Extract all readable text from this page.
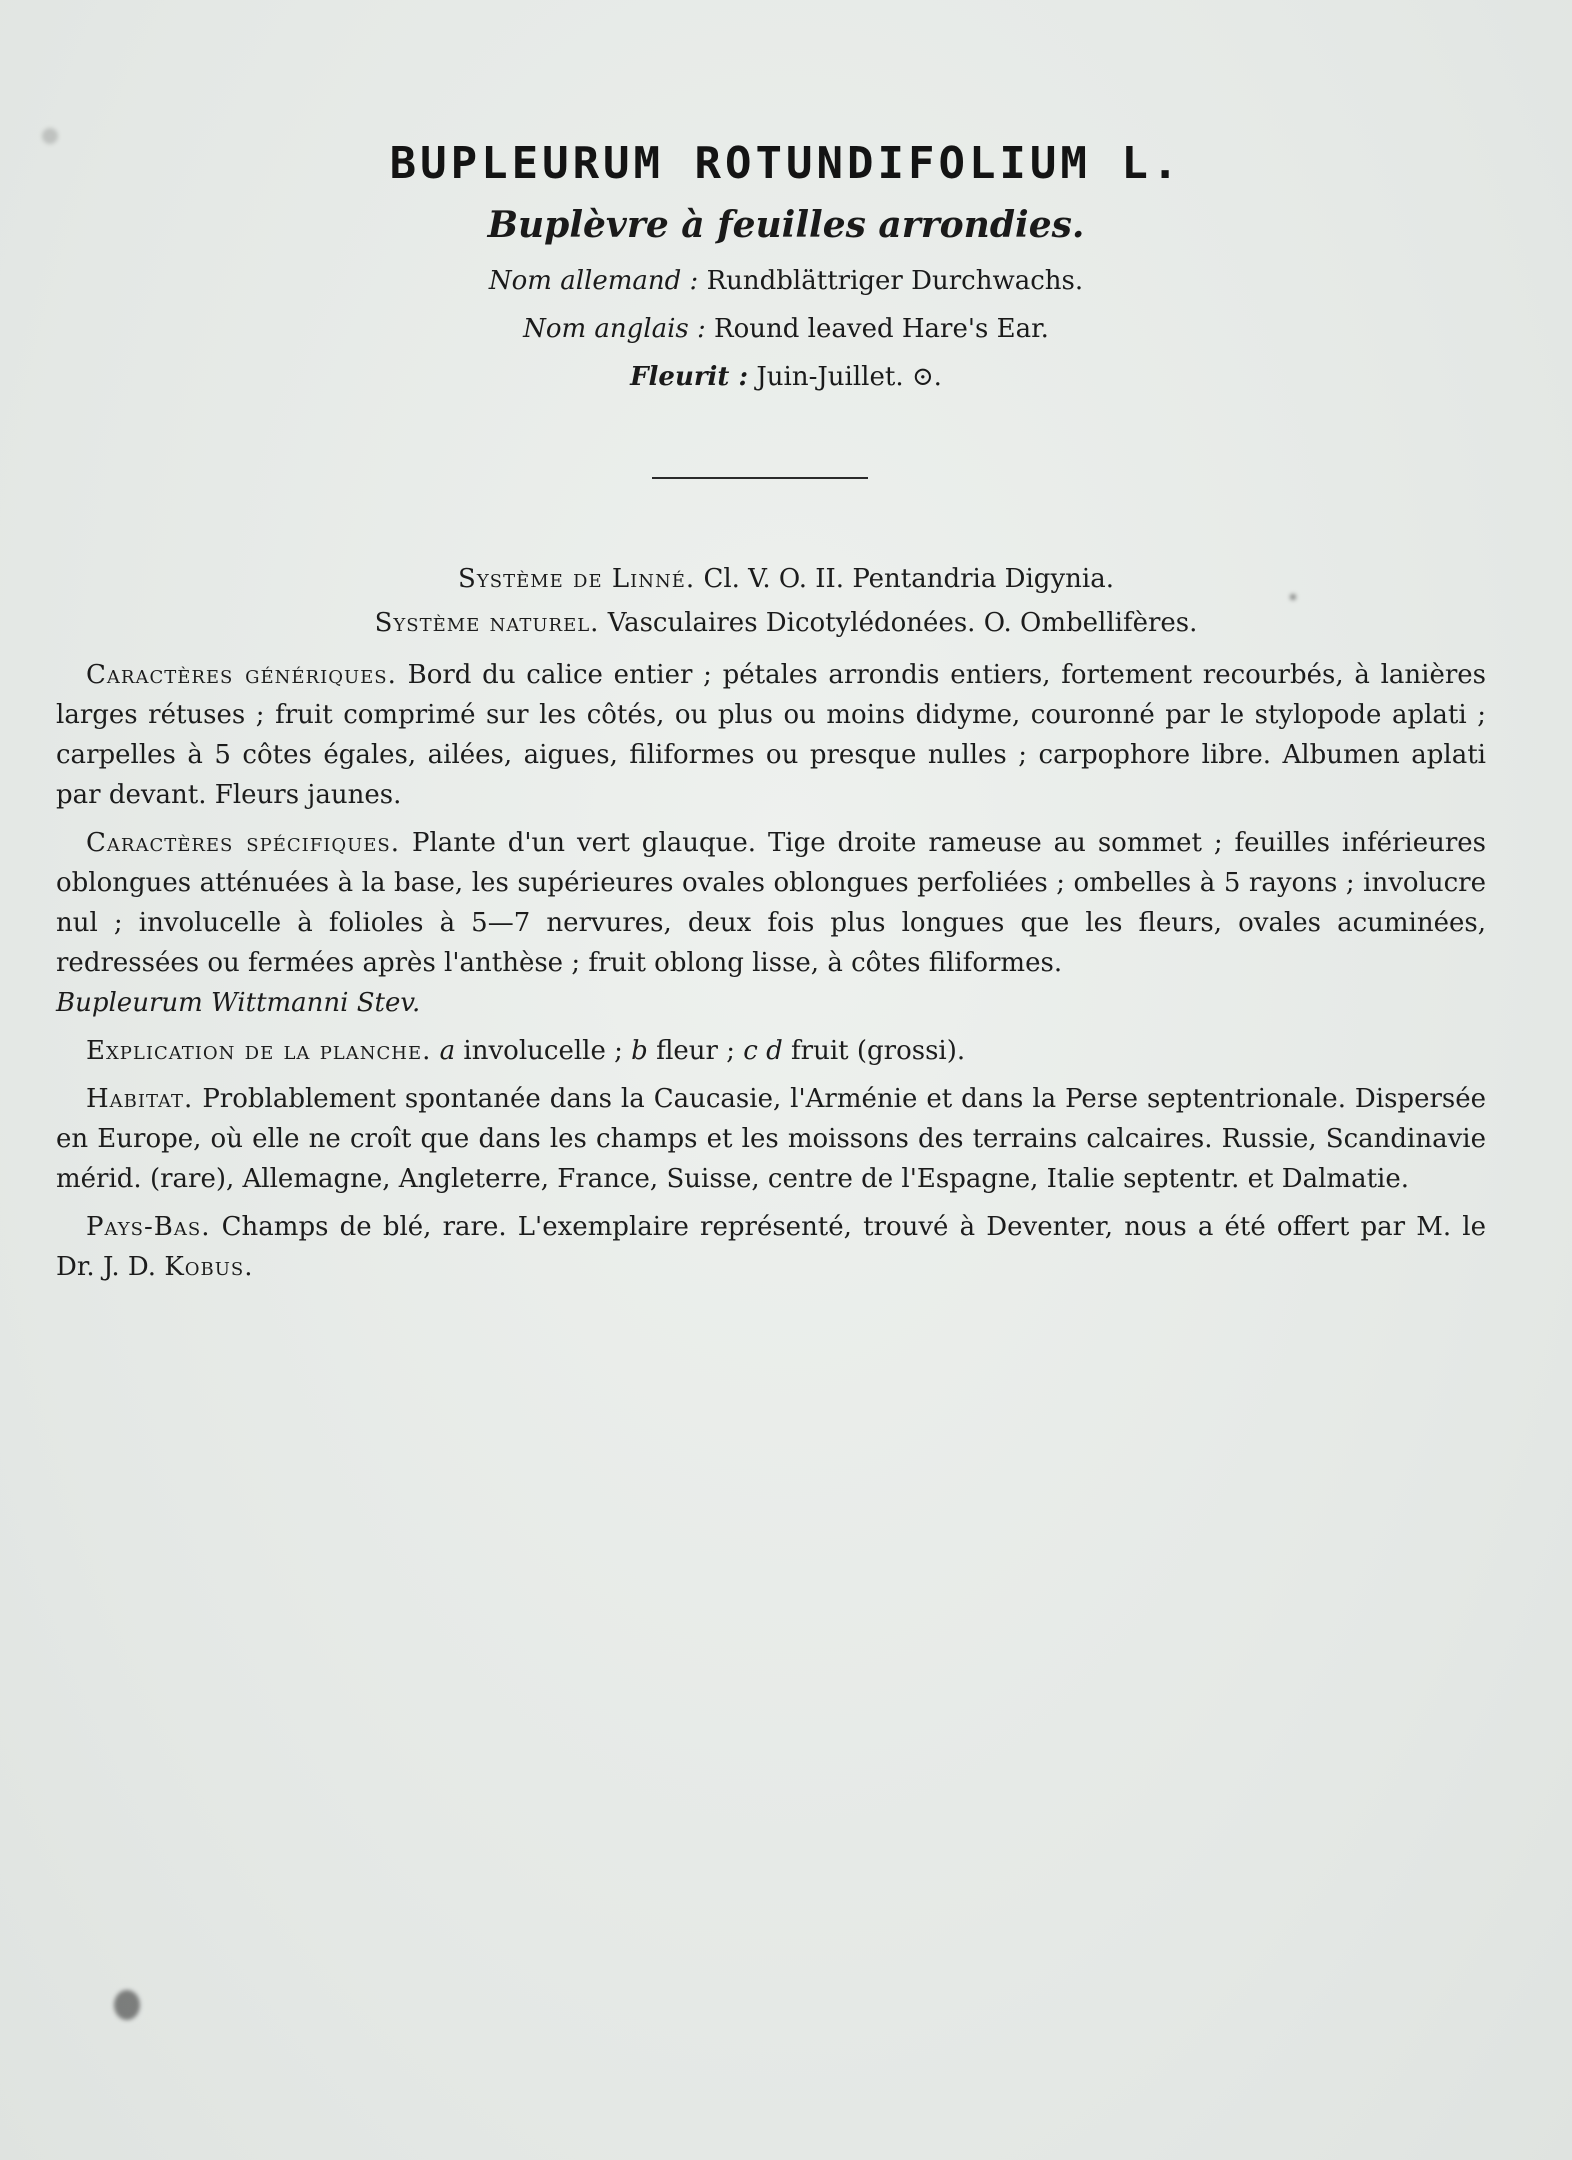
BUPLEURUM ROTUNDIFOLIUM L.
Buplèvre à feuilles arrondies.
Nom allemand : Rundblättriger Durchwachs.
Nom anglais : Round leaved Hare's Ear.
Fleurit : Juin-Juillet. ⊙.
Système de Linné. Cl. V. O. II. Pentandria Digynia.
Système naturel. Vasculaires Dicotylédonées. O. Ombellifères.

Caractères génériques. Bord du calice entier ; pétales arrondis entiers, fortement recourbés, à lanières larges rétuses ; fruit comprimé sur les côtés, ou plus ou moins didyme, couronné par le stylopode aplati ; carpelles à 5 côtes égales, ailées, aigues, filiformes ou presque nulles ; carpophore libre. Albumen aplati par devant. Fleurs jaunes.

Caractères spécifiques. Plante d'un vert glauque. Tige droite rameuse au sommet ; feuilles inférieures oblongues atténuées à la base, les supérieures ovales oblongues perfoliées ; ombelles à 5 rayons ; involucre nul ; involucelle à folioles à 5—7 nervures, deux fois plus longues que les fleurs, ovales acuminées, redressées ou fermées après l'anthèse ; fruit oblong lisse, à côtes filiformes.

Bupleurum Wittmanni Stev.

Explication de la planche. a involucelle ; b fleur ; c d fruit (grossi).

Habitat. Problablement spontanée dans la Caucasie, l'Arménie et dans la Perse septentrionale. Dispersée en Europe, où elle ne croît que dans les champs et les moissons des terrains calcaires. Russie, Scandinavie mérid. (rare), Allemagne, Angleterre, France, Suisse, centre de l'Espagne, Italie septentr. et Dalmatie.

Pays-Bas. Champs de blé, rare. L'exemplaire représenté, trouvé à Deventer, nous a été offert par M. le Dr. J. D. Kobus.
